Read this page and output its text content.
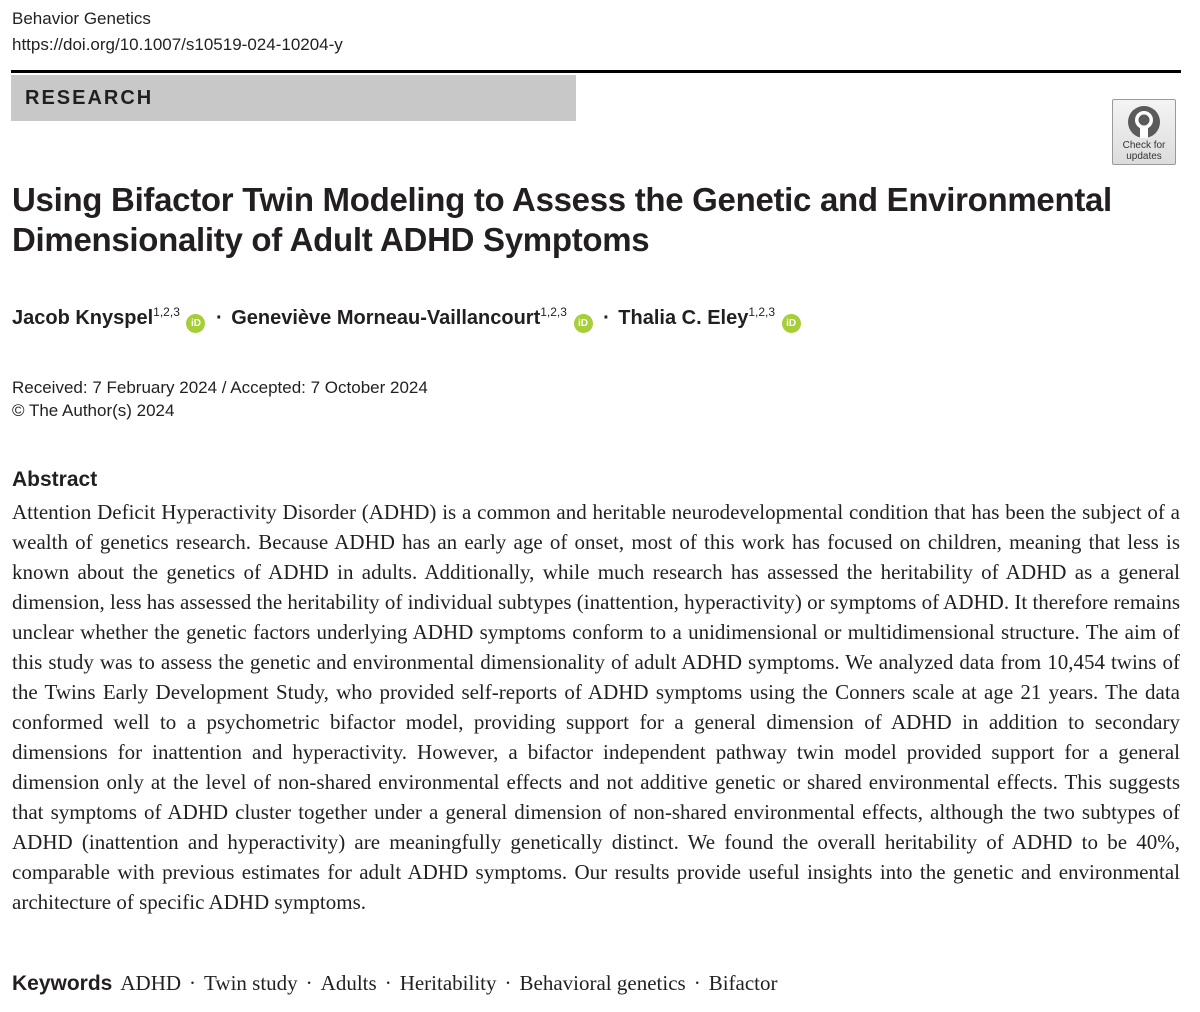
Behavior Genetics
https://doi.org/10.1007/s10519-024-10204-y
RESEARCH
Check for
updates
Using Bifactor Twin Modeling to Assess the Genetic and Environmental Dimensionality of Adult ADHD Symptoms
Jacob Knyspel$^{1,2,3}$ iD · Geneviève Morneau-Vaillancourt$^{1,2,3}$ iD · Thalia C. Eley$^{1,2,3}$ iD
Received: 7 February 2024 / Accepted: 7 October 2024
© The Author(s) 2024
Abstract

Attention Deficit Hyperactivity Disorder (ADHD) is a common and heritable neurodevelopmental condition that has been the subject of a wealth of genetics research. Because ADHD has an early age of onset, most of this work has focused on children, meaning that less is known about the genetics of ADHD in adults. Additionally, while much research has assessed the heritability of ADHD as a general dimension, less has assessed the heritability of individual subtypes (inattention, hyperactivity) or symptoms of ADHD. It therefore remains unclear whether the genetic factors underlying ADHD symptoms conform to a unidimensional or multidimensional structure. The aim of this study was to assess the genetic and environmental dimensionality of adult ADHD symptoms. We analyzed data from 10,454 twins of the Twins Early Development Study, who provided self-reports of ADHD symptoms using the Conners scale at age 21 years. The data conformed well to a psychometric bifactor model, providing support for a general dimension of ADHD in addition to secondary dimensions for inattention and hyperactivity. However, a bifactor independent pathway twin model provided support for a general dimension only at the level of non-shared environmental effects and not additive genetic or shared environmental effects. This suggests that symptoms of ADHD cluster together under a general dimension of non-shared environmental effects, although the two subtypes of ADHD (inattention and hyperactivity) are meaningfully genetically distinct. We found the overall heritability of ADHD to be 40%, comparable with previous estimates for adult ADHD symptoms. Our results provide useful insights into the genetic and environmental architecture of specific ADHD symptoms.

Keywords ADHD · Twin study · Adults · Heritability · Behavioral genetics · Bifactor
